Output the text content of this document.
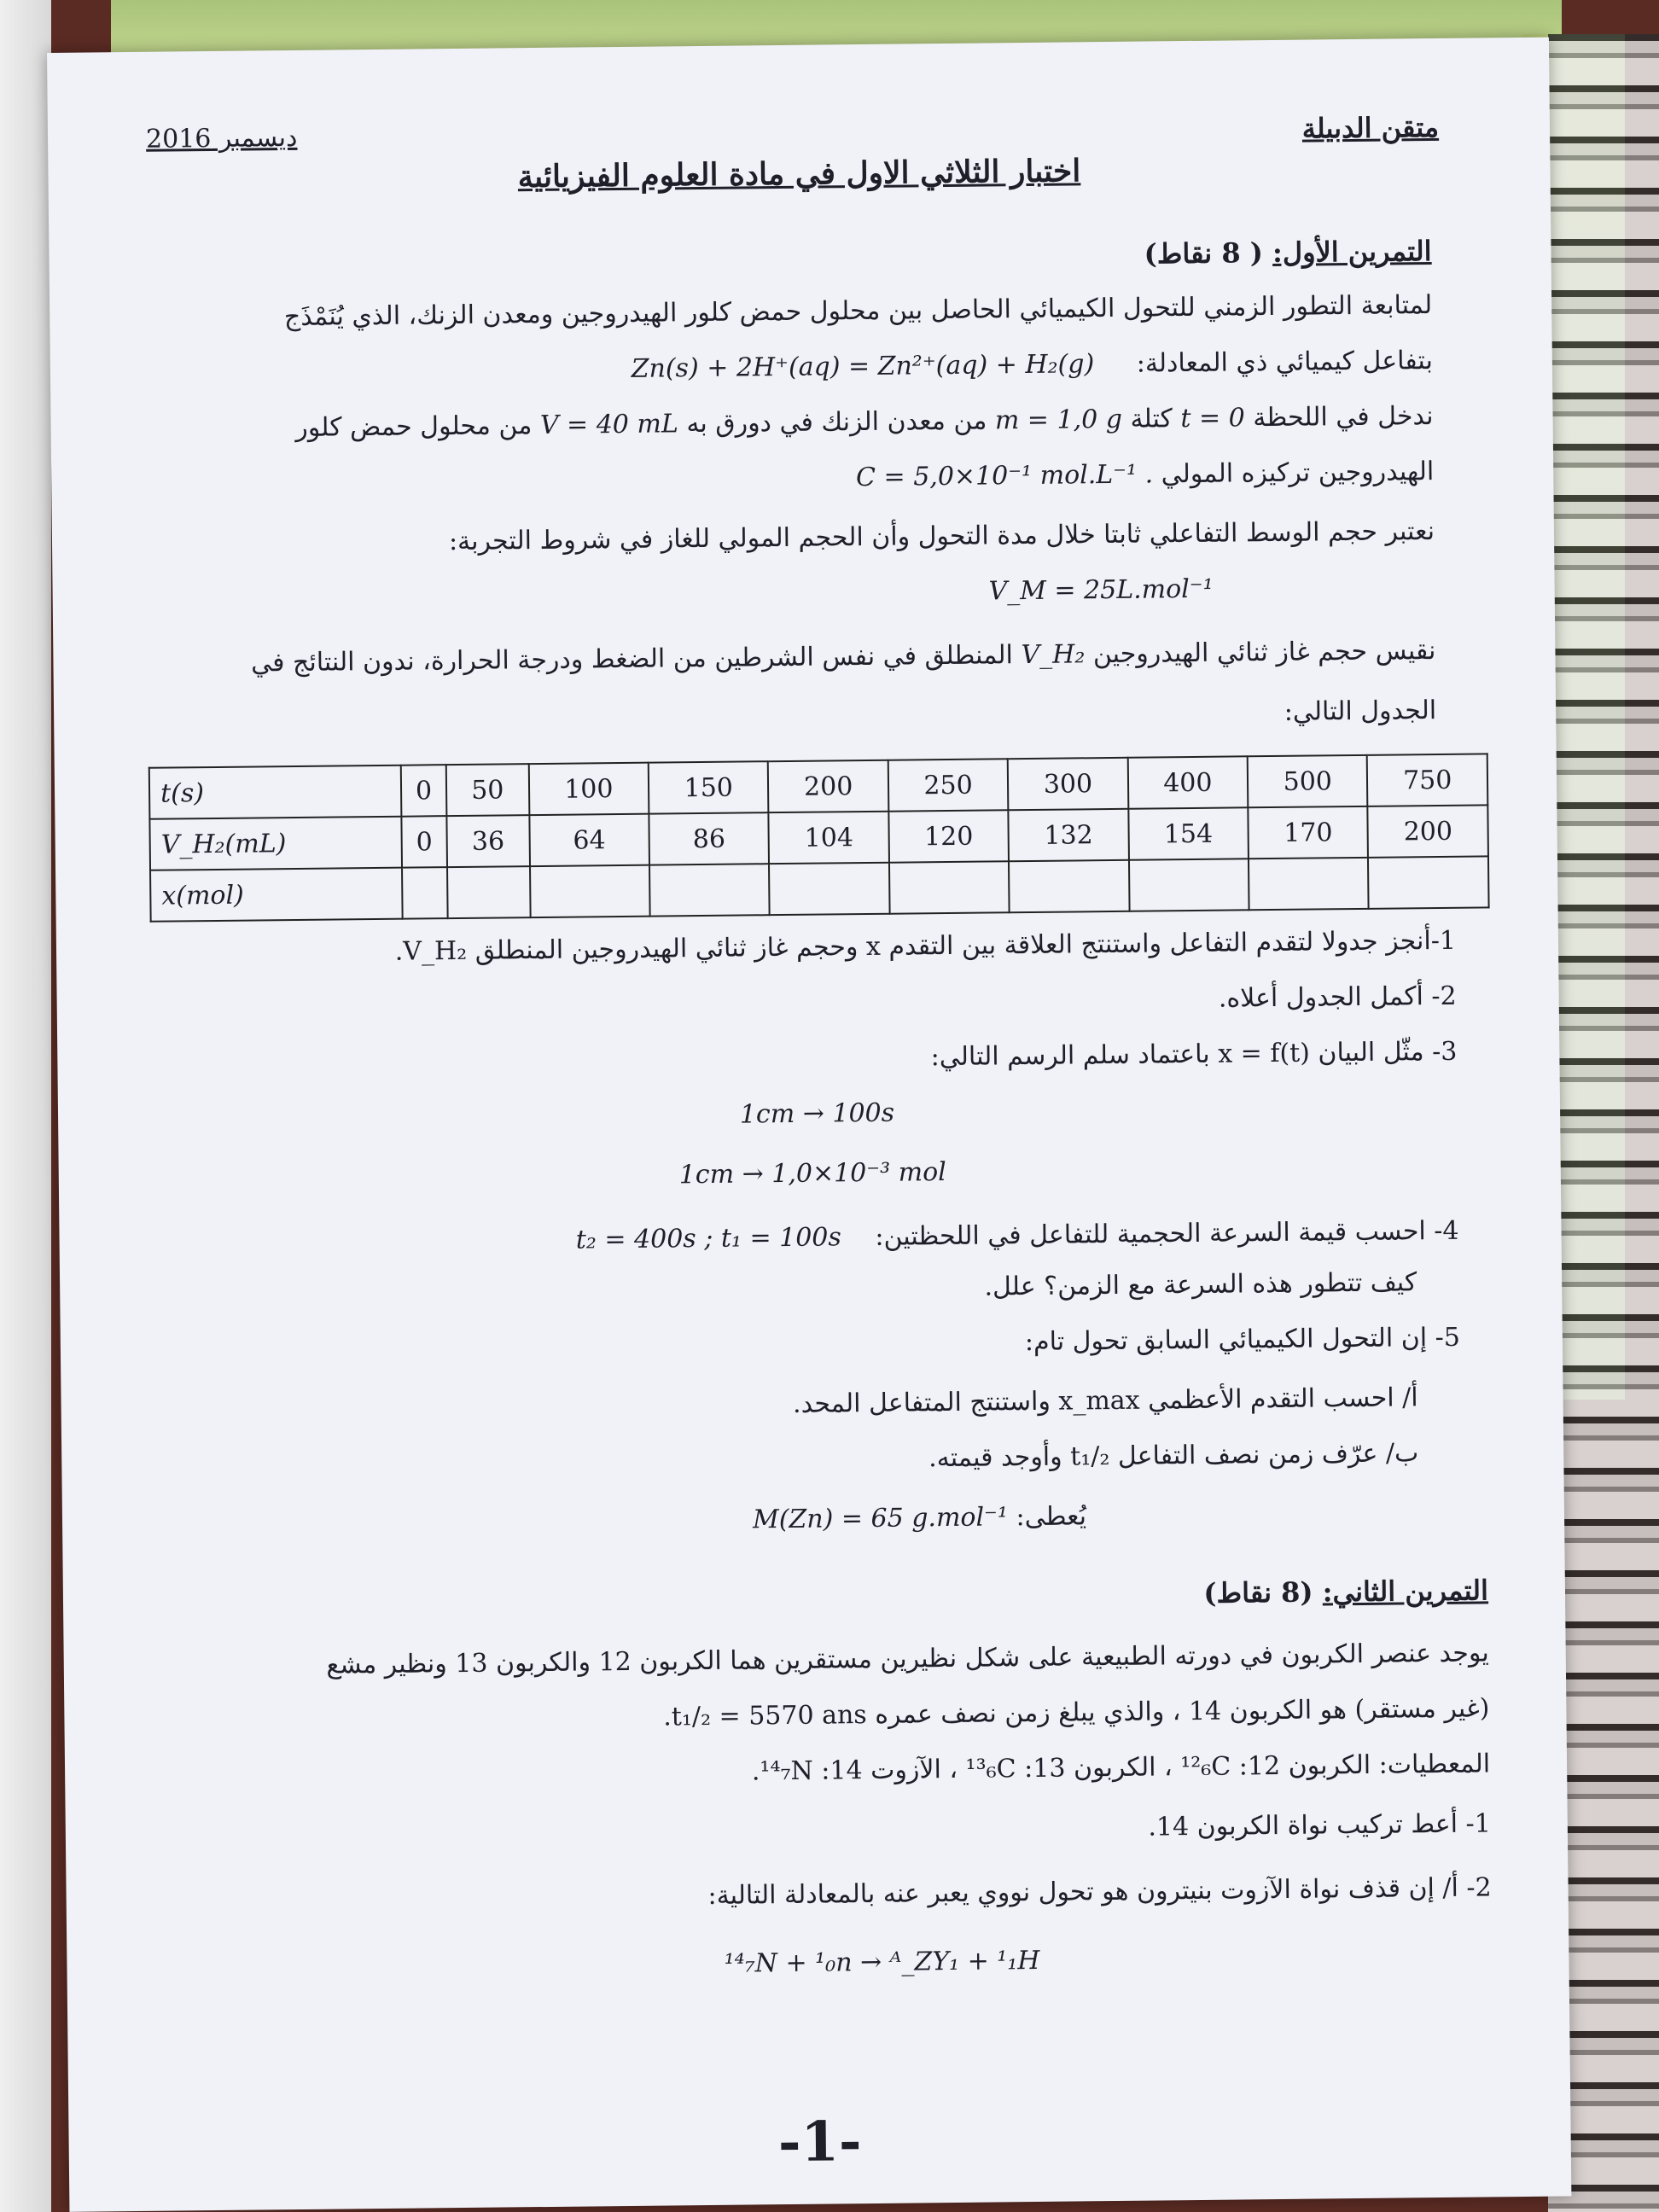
متقن الدبيلة
ديسمبر 2016
اختبار الثلاثي الاول في مادة العلوم الفيزيائية
التمرين الأول: ( 8 نقاط)
لمتابعة التطور الزمني للتحول الكيميائي الحاصل بين محلول حمض كلور الهيدروجين ومعدن الزنك، الذي يُنَمْذَج
بتفاعل كيميائي ذي المعادلة: Zn(s) + 2H⁺(aq) = Zn²⁺(aq) + H₂(g)
ندخل في اللحظة t = 0 كتلة m = 1,0 g من معدن الزنك في دورق به V = 40 mL من محلول حمض كلور
الهيدروجين تركيزه المولي C = 5,0×10⁻¹ mol.L⁻¹ .
نعتبر حجم الوسط التفاعلي ثابتا خلال مدة التحول وأن الحجم المولي للغاز في شروط التجربة:
V_M = 25L.mol⁻¹
نقيس حجم غاز ثنائي الهيدروجين V_H₂ المنطلق في نفس الشرطين من الضغط ودرجة الحرارة، ندون النتائج في
الجدول التالي:
t(s)	0	50	100	150	200	250	300	400	500	750
V_H₂(mL)	0	36	64	86	104	120	132	154	170	200
x(mol)										
1-أنجز جدولا لتقدم التفاعل واستنتج العلاقة بين التقدم x وحجم غاز ثنائي الهيدروجين المنطلق V_H₂.
2- أكمل الجدول أعلاه.
3- مثّل البيان x = f(t) باعتماد سلم الرسم التالي:
1cm → 100s
1cm → 1,0×10⁻³ mol
4- احسب قيمة السرعة الحجمية للتفاعل في اللحظتين: t₂ = 400s ; t₁ = 100s
كيف تتطور هذه السرعة مع الزمن؟ علل.
5- إن التحول الكيميائي السابق تحول تام:
أ/ احسب التقدم الأعظمي x_max واستنتج المتفاعل المحد.
ب/ عرّف زمن نصف التفاعل t₁/₂ وأوجد قيمته.
يُعطى: M(Zn) = 65 g.mol⁻¹
التمرين الثاني: (8 نقاط)
يوجد عنصر الكربون في دورته الطبيعية على شكل نظيرين مستقرين هما الكربون 12 والكربون 13 ونظير مشع
(غير مستقر) هو الكربون 14 ، والذي يبلغ زمن نصف عمره t₁/₂ = 5570 ans.
المعطيات: الكربون 12: ¹²₆C ، الكربون 13: ¹³₆C ، الآزوت 14: ¹⁴₇N.
1- أعط تركيب نواة الكربون 14.
2- أ/ إن قذف نواة الآزوت بنيترون هو تحول نووي يعبر عنه بالمعادلة التالية:
¹⁴₇N + ¹₀n → ᴬ_ZY₁ + ¹₁H
-1-
